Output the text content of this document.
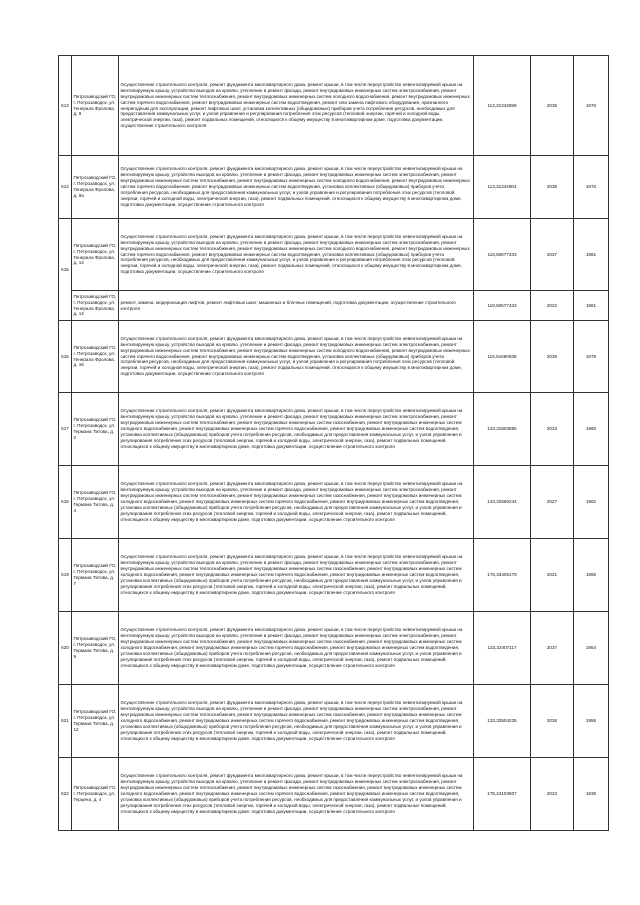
613	Петрозаводский ГО, г. Петрозаводск, ул. Генерала Фролова, д. 9	Осуществление строительного контроля, ремонт фундамента многоквартирного дома, ремонт крыши, в том числе переустройство невентилируемой крыши на вентилируемую крышу, устройство выходов на кровлю, утепление и ремонт фасада, ремонт внутридомовых инженерных систем электроснабжения, ремонт внутридомовых инженерных систем теплоснабжения, ремонт внутридомовых инженерных систем холодного водоснабжения, ремонт внутридомовых инженерных систем горячего водоснабжения, ремонт внутридомовых инженерных систем водоотведения, ремонт или замена лифтового оборудования, признанного непригодным для эксплуатации, ремонт лифтовых шахт, установка коллективных (общедомовых) приборов учета потребления ресурсов, необходимых для предоставления коммунальных услуг, и узлов управления и регулирования потребления этих ресурсов (тепловой энергии, горячей и холодной воды, электрической энергии, газа), ремонт подвальных помещений, относящихся к общему имуществу в многоквартирном доме, подготовка документации, осуществление строительного контроля	113,31342899	2035	1976
614	Петрозаводский ГО, г. Петрозаводск, ул. Генерала Фролова, д. 9а	Осуществление строительного контроля, ремонт фундамента многоквартирного дома, ремонт крыши, в том числе переустройство невентилируемой крыши на вентилируемую крышу, устройство выходов на кровлю, утепление и ремонт фасада, ремонт внутридомовых инженерных систем электроснабжения, ремонт внутридомовых инженерных систем теплоснабжения, ремонт внутридомовых инженерных систем холодного водоснабжения, ремонт внутридомовых инженерных систем горячего водоснабжения, ремонт внутридомовых инженерных систем водоотведения, установка коллективных (общедомовых) приборов учета потребления ресурсов, необходимых для предоставления коммунальных услуг, и узлов управления и регулирования потребления этих ресурсов (тепловой энергии, горячей и холодной воды, электрической энергии, газа), ремонт подвальных помещений, относящихся к общему имуществу в многоквартирном доме, подготовка документации, осуществление строительного контроля	113,31342904	2035	1976
615	Петрозаводский ГО, г. Петрозаводск, ул. Генерала Фролова, д. 14	Осуществление строительного контроля, ремонт фундамента многоквартирного дома, ремонт крыши, в том числе переустройство невентилируемой крыши на вентилируемую крышу, устройство выходов на кровлю, утепление и ремонт фасада, ремонт внутридомовых инженерных систем электроснабжения, ремонт внутридомовых инженерных систем теплоснабжения, ремонт внутридомовых инженерных систем холодного водоснабжения, ремонт внутридомовых инженерных систем горячего водоснабжения, ремонт внутридомовых инженерных систем водоотведения, установка коллективных (общедомовых) приборов учета потребления ресурсов, необходимых для предоставления коммунальных услуг, и узлов управления и регулирования потребления этих ресурсов (тепловой энергии, горячей и холодной воды, электрической энергии, газа), ремонт подвальных помещений, относящихся к общему имуществу в многоквартирном доме, подготовка документации, осуществление строительного контроля	118,50677433	2037	1981
	Петрозаводский ГО, г. Петрозаводск, ул. Генерала Фролова, д. 14	ремонт, замена, модернизация лифтов, ремонт лифтовых шахт, машинных и блочных помещений, подготовка документации, осуществление строительного контроля	118,50677433	2022	1981
616	Петрозаводский ГО, г. Петрозаводск, ул. Генерала Фролова, д. 16	Осуществление строительного контроля, ремонт фундамента многоквартирного дома, ремонт крыши, в том числе переустройство невентилируемой крыши на вентилируемую крышу, устройство выходов на кровлю, утепление и ремонт фасада, ремонт внутридомовых инженерных систем электроснабжения, ремонт внутридомовых инженерных систем теплоснабжения, ремонт внутридомовых инженерных систем холодного водоснабжения, ремонт внутридомовых инженерных систем горячего водоснабжения, ремонт внутридомовых инженерных систем водоотведения, установка коллективных (общедомовых) приборов учета потребления ресурсов, необходимых для предоставления коммунальных услуг, и узлов управления и регулирования потребления этих ресурсов (тепловой энергии, горячей и холодной воды, электрической энергии, газа), ремонт подвальных помещений, относящихся к общему имуществу в многоквартирном доме, подготовка документации, осуществление строительного контроля	115,51680938	2036	1979
617	Петрозаводский ГО, г. Петрозаводск, ул. Германа Титова, д. 2	Осуществление строительного контроля, ремонт фундамента многоквартирного дома, ремонт крыши, в том числе переустройство невентилируемой крыши на вентилируемую крышу, устройство выходов на кровлю, утепление и ремонт фасада, ремонт внутридомовых инженерных систем электроснабжения, ремонт внутридомовых инженерных систем теплоснабжения, ремонт внутридомовых инженерных систем газоснабжения, ремонт внутридомовых инженерных систем холодного водоснабжения, ремонт внутридомовых инженерных систем горячего водоснабжения, ремонт внутридомовых инженерных систем водоотведения, установка коллективных (общедомовых) приборов учета потребления ресурсов, необходимых для предоставления коммунальных услуг, и узлов управления и регулирования потребления этих ресурсов (тепловой энергии, горячей и холодной воды, электрической энергии, газа), ремонт подвальных помещений, относящихся к общему имуществу в многоквартирном доме, подготовка документации, осуществление строительного контроля	133,31603865	2033	1960
618	Петрозаводский ГО, г. Петрозаводск, ул. Германа Титова, д. 4	Осуществление строительного контроля, ремонт фундамента многоквартирного дома, ремонт крыши, в том числе переустройство невентилируемой крыши на вентилируемую крышу, устройство выходов на кровлю, утепление и ремонт фасада, ремонт внутридомовых инженерных систем электроснабжения, ремонт внутридомовых инженерных систем теплоснабжения, ремонт внутридомовых инженерных систем газоснабжения, ремонт внутридомовых инженерных систем холодного водоснабжения, ремонт внутридомовых инженерных систем горячего водоснабжения, ремонт внутридомовых инженерных систем водоотведения, установка коллективных (общедомовых) приборов учета потребления ресурсов, необходимых для предоставления коммунальных услуг, и узлов управления и регулирования потребления этих ресурсов (тепловой энергии, горячей и холодной воды, электрической энергии, газа), ремонт подвальных помещений, относящихся к общему имуществу в многоквартирном доме, подготовка документации, осуществление строительного контроля	133,32560244	2027	1962
619	Петрозаводский ГО, г. Петрозаводск, ул. Германа Титова, д. 7	Осуществление строительного контроля, ремонт фундамента многоквартирного дома, ремонт крыши, в том числе переустройство невентилируемой крыши на вентилируемую крышу, устройство выходов на кровлю, утепление и ремонт фасада, ремонт внутридомовых инженерных систем электроснабжения, ремонт внутридомовых инженерных систем теплоснабжения, ремонт внутридомовых инженерных систем газоснабжения, ремонт внутридомовых инженерных систем холодного водоснабжения, ремонт внутридомовых инженерных систем горячего водоснабжения, ремонт внутридомовых инженерных систем водоотведения, установка коллективных (общедомовых) приборов учета потребления ресурсов, необходимых для предоставления коммунальных услуг, и узлов управления и регулирования потребления этих ресурсов (тепловой энергии, горячей и холодной воды, электрической энергии, газа), ремонт подвальных помещений, относящихся к общему имуществу в многоквартирном доме, подготовка документации, осуществление строительного контроля	175,33405179	2021	1955
620	Петрозаводский ГО, г. Петрозаводск, ул. Германа Титова, д. 9	Осуществление строительного контроля, ремонт фундамента многоквартирного дома, ремонт крыши, в том числе переустройство невентилируемой крыши на вентилируемую крышу, устройство выходов на кровлю, утепление и ремонт фасада, ремонт внутридомовых инженерных систем электроснабжения, ремонт внутридомовых инженерных систем теплоснабжения, ремонт внутридомовых инженерных систем газоснабжения, ремонт внутридомовых инженерных систем холодного водоснабжения, ремонт внутридомовых инженерных систем горячего водоснабжения, ремонт внутридомовых инженерных систем водоотведения, установка коллективных (общедомовых) приборов учета потребления ресурсов, необходимых для предоставления коммунальных услуг, и узлов управления и регулирования потребления этих ресурсов (тепловой энергии, горячей и холодной воды, электрической энергии, газа), ремонт подвальных помещений, относящихся к общему имуществу в многоквартирном доме, подготовка документации, осуществление строительного контроля	133,32407117	2037	1954
621	Петрозаводский ГО, г. Петрозаводск, ул. Германа Титова, д. 12	Осуществление строительного контроля, ремонт фундамента многоквартирного дома, ремонт крыши, в том числе переустройство невентилируемой крыши на вентилируемую крышу, устройство выходов на кровлю, утепление и ремонт фасада, ремонт внутридомовых инженерных систем электроснабжения, ремонт внутридомовых инженерных систем теплоснабжения, ремонт внутридомовых инженерных систем газоснабжения, ремонт внутридомовых инженерных систем холодного водоснабжения, ремонт внутридомовых инженерных систем горячего водоснабжения, ремонт внутридомовых инженерных систем водоотведения, установка коллективных (общедомовых) приборов учета потребления ресурсов, необходимых для предоставления коммунальных услуг, и узлов управления и регулирования потребления этих ресурсов (тепловой энергии, горячей и холодной воды, электрической энергии, газа), ремонт подвальных помещений, относящихся к общему имуществу в многоквартирном доме, подготовка документации, осуществление строительного контроля	133,33504235	2036	1956
622	Петрозаводский ГО, г. Петрозаводск, ул. Герцена, д. 4	Осуществление строительного контроля, ремонт фундамента многоквартирного дома, ремонт крыши, в том числе переустройство невентилируемой крыши на вентилируемую крышу, устройство выходов на кровлю, утепление и ремонт фасада, ремонт внутридомовых инженерных систем электроснабжения, ремонт внутридомовых инженерных систем теплоснабжения, ремонт внутридомовых инженерных систем газоснабжения, ремонт внутридомовых инженерных систем холодного водоснабжения, ремонт внутридомовых инженерных систем горячего водоснабжения, ремонт внутридомовых инженерных систем водоотведения, установка коллективных (общедомовых) приборов учета потребления ресурсов, необходимых для предоставления коммунальных услуг, и узлов управления и регулирования потребления этих ресурсов (тепловой энергии, горячей и холодной воды, электрической энергии, газа), ремонт подвальных помещений, относящихся к общему имуществу в многоквартирном доме, подготовка документации, осуществление строительного контроля	175,24103907	2023	1935
